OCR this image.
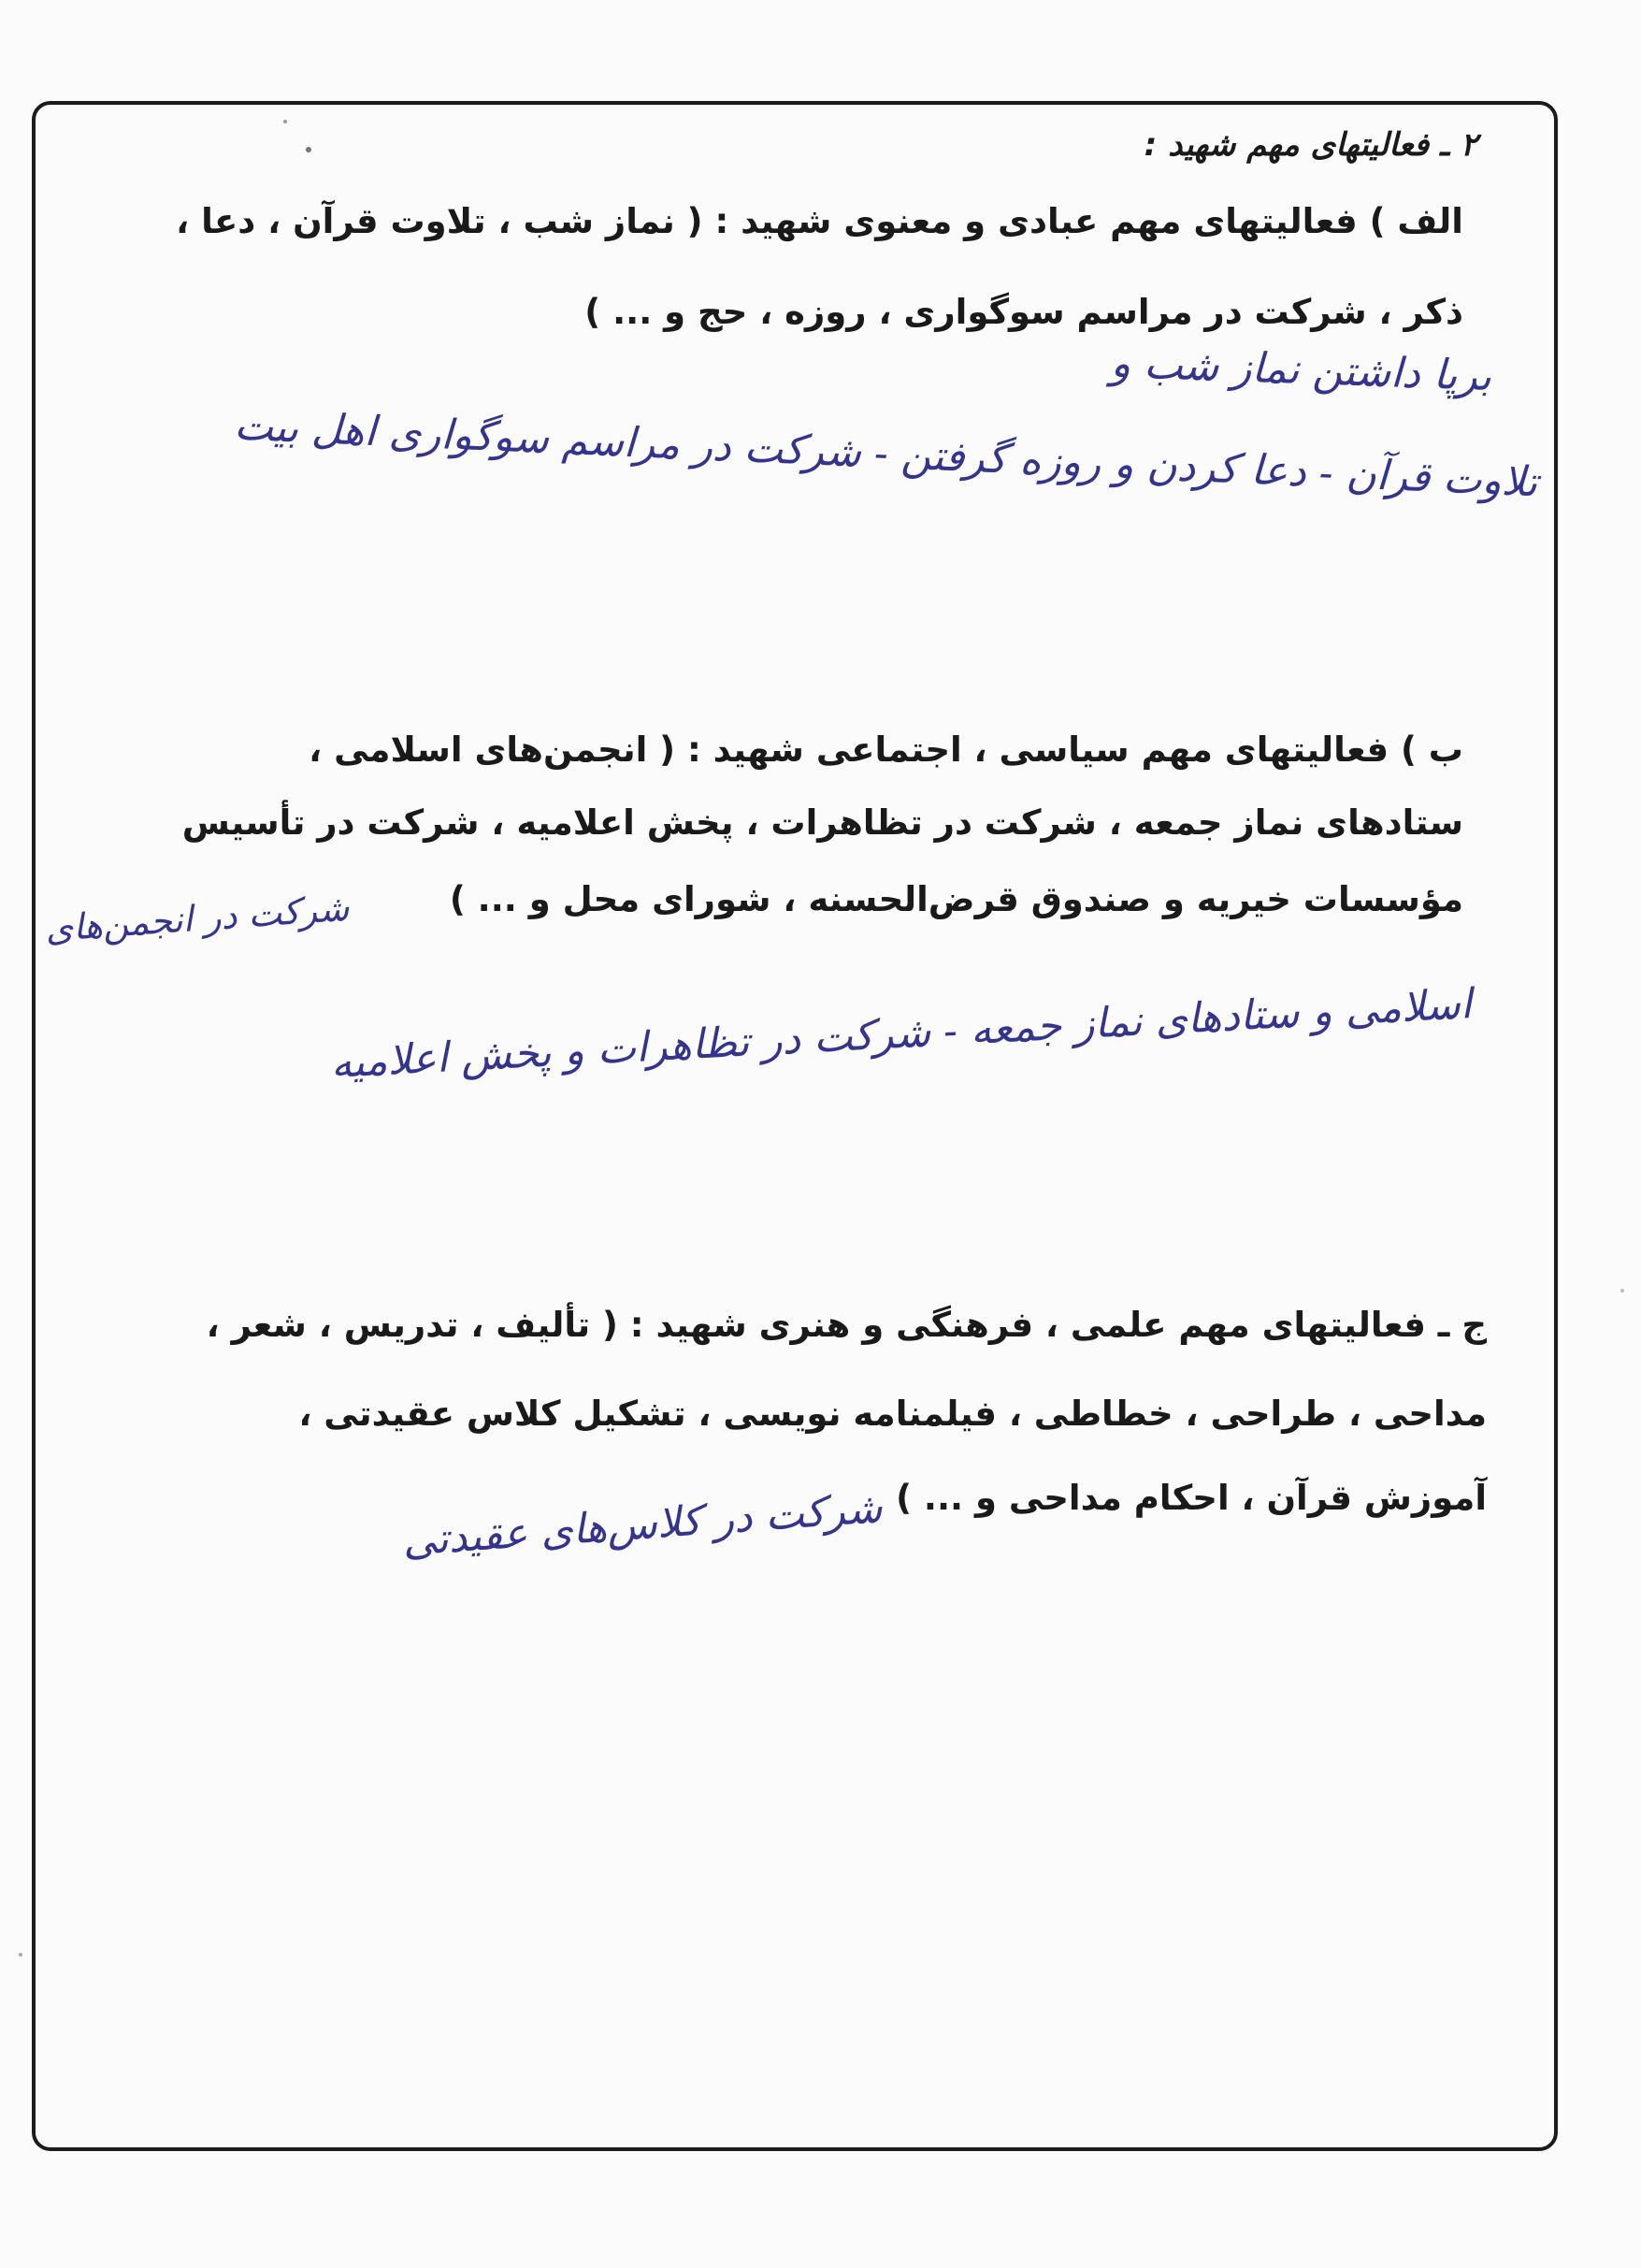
۲ ـ فعالیتهای مهم شهید :

الف ) فعالیتهای مهم عبادی و معنوی شهید : ( نماز شب ، تلاوت قرآن ، دعا ،

ذکر ، شرکت در مراسم سوگواری ، روزه ، حج و ... )

برپا داشتن نماز شب و

تلاوت قرآن - دعا کردن و روزه گرفتن - شرکت در مراسم سوگواری اهل بیت

ب ) فعالیتهای مهم سیاسی ، اجتماعی شهید : ( انجمن‌های اسلامی ،

ستادهای نماز جمعه ، شرکت در تظاهرات ، پخش اعلامیه ، شرکت در تأسیس

مؤسسات خیریه و صندوق قرض‌الحسنه ، شورای محل و ... )

شرکت در انجمن‌های

اسلامی و ستادهای نماز جمعه - شرکت در تظاهرات و پخش اعلامیه

ج ـ فعالیتهای مهم علمی ، فرهنگی و هنری شهید : ( تألیف ، تدریس ، شعر ،

مداحی ، طراحی ، خطاطی ، فیلمنامه نویسی ، تشکیل کلاس عقیدتی ،

آموزش قرآن ، احکام مداحی و ... )

شرکت در کلاس‌های عقیدتی
